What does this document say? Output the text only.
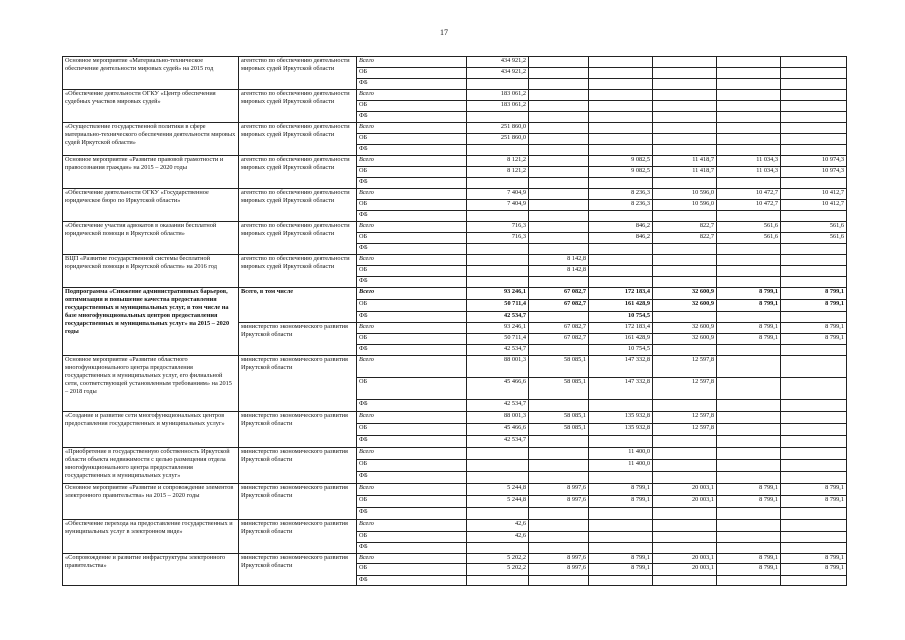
17
Основное мероприятие «Материально-техническое обеспечение деятельности мировых судей» на 2015 год	агентство по обеспечению деятельности мировых судей Иркутской области	Всего	434 921,2					
		ОБ	434 921,2					
		ФБ						
«Обеспечение деятельности ОГКУ «Центр обеспечения судебных участков мировых судей»	агентство по обеспечению деятельности мировых судей Иркутской области	Всего	183 061,2					
		ОБ	183 061,2					
		ФБ						
«Осуществление государственной политики в сфере материально-технического обеспечения деятельности мировых судей Иркутской области»	агентство по обеспечению деятельности мировых судей Иркутской области	Всего	251 860,0					
		ОБ	251 860,0					
		ФБ						
Основное мероприятие «Развитие правовой грамотности и правосознания граждан» на 2015 – 2020 годы	агентство по обеспечению деятельности мировых судей Иркутской области	Всего	8 121,2		9 082,5	11 418,7	11 034,3	10 974,3
		ОБ	8 121,2		9 082,5	11 418,7	11 034,3	10 974,3
		ФБ						
«Обеспечение деятельности ОГКУ «Государственное юридическое бюро по Иркутской области»	агентство по обеспечению деятельности мировых судей Иркутской области	Всего	7 404,9		8 236,3	10 596,0	10 472,7	10 412,7
		ОБ	7 404,9		8 236,3	10 596,0	10 472,7	10 412,7
		ФБ						
«Обеспечение участия адвокатов в оказании бесплатной юридической помощи в Иркутской области»	агентство по обеспечению деятельности мировых судей Иркутской области	Всего	716,3		846,2	822,7	561,6	561,6
		ОБ	716,3		846,2	822,7	561,6	561,6
		ФБ						
ВЦП «Развитие государственной системы бесплатной юридической помощи в Иркутской области» на 2016 год	агентство по обеспечению деятельности мировых судей Иркутской области	Всего		8 142,8				
		ОБ		8 142,8				
		ФБ						
Подпрограмма «Снижение административных барьеров, оптимизация и повышение качества предоставления государственных и муниципальных услуг, в том числе на базе многофункциональных центров предоставления государственных и муниципальных услуг» на 2015 – 2020 годы	Всего, в том числе	Всего	93 246,1	67 082,7	172 183,4	32 600,9	8 799,1	8 799,1
		ОБ	50 711,4	67 082,7	161 428,9	32 600,9	8 799,1	8 799,1
		ФБ	42 534,7		10 754,5			
	министерство экономического развития Иркутской области	Всего	93 246,1	67 082,7	172 183,4	32 600,9	8 799,1	8 799,1
		ОБ	50 711,4	67 082,7	161 428,9	32 600,9	8 799,1	8 799,1
		ФБ	42 534,7		10 754,5			
Основное мероприятие «Развитие областного многофункционального центра предоставления государственных и муниципальных услуг, его филиальной сети, соответствующей установленным требованиям» на 2015 – 2018 годы	министерство экономического развития Иркутской области	Всего	88 001,3	58 085,1	147 332,8	12 597,8		
		ОБ	45 466,6	58 085,1	147 332,8	12 597,8		
		ФБ	42 534,7					
«Создание и развитие сети многофункциональных центров предоставления государственных и муниципальных услуг»	министерство экономического развития Иркутской области	Всего	88 001,3	58 085,1	135 932,8	12 597,8		
		ОБ	45 466,6	58 085,1	135 932,8	12 597,8		
		ФБ	42 534,7					
«Приобретение в государственную собственность Иркутской области объекта недвижимости с целью размещения отдела многофункционального центра предоставления государственных и муниципальных услуг»	министерство экономического развития Иркутской области	Всего			11 400,0			
		ОБ			11 400,0			
		ФБ						
Основное мероприятие «Развитие и сопровождение элементов электронного правительства» на 2015 – 2020 годы	министерство экономического развития Иркутской области	Всего	5 244,8	8 997,6	8 799,1	20 003,1	8 799,1	8 799,1
		ОБ	5 244,8	8 997,6	8 799,1	20 003,1	8 799,1	8 799,1
		ФБ						
«Обеспечение перехода на предоставление государственных и муниципальных услуг в электронном виде»	министерство экономического развития Иркутской области	Всего	42,6					
		ОБ	42,6					
		ФБ						
«Сопровождение и развитие инфраструктуры электронного правительства»	министерство экономического развития Иркутской области	Всего	5 202,2	8 997,6	8 799,1	20 003,1	8 799,1	8 799,1
		ОБ	5 202,2	8 997,6	8 799,1	20 003,1	8 799,1	8 799,1
		ФБ						
